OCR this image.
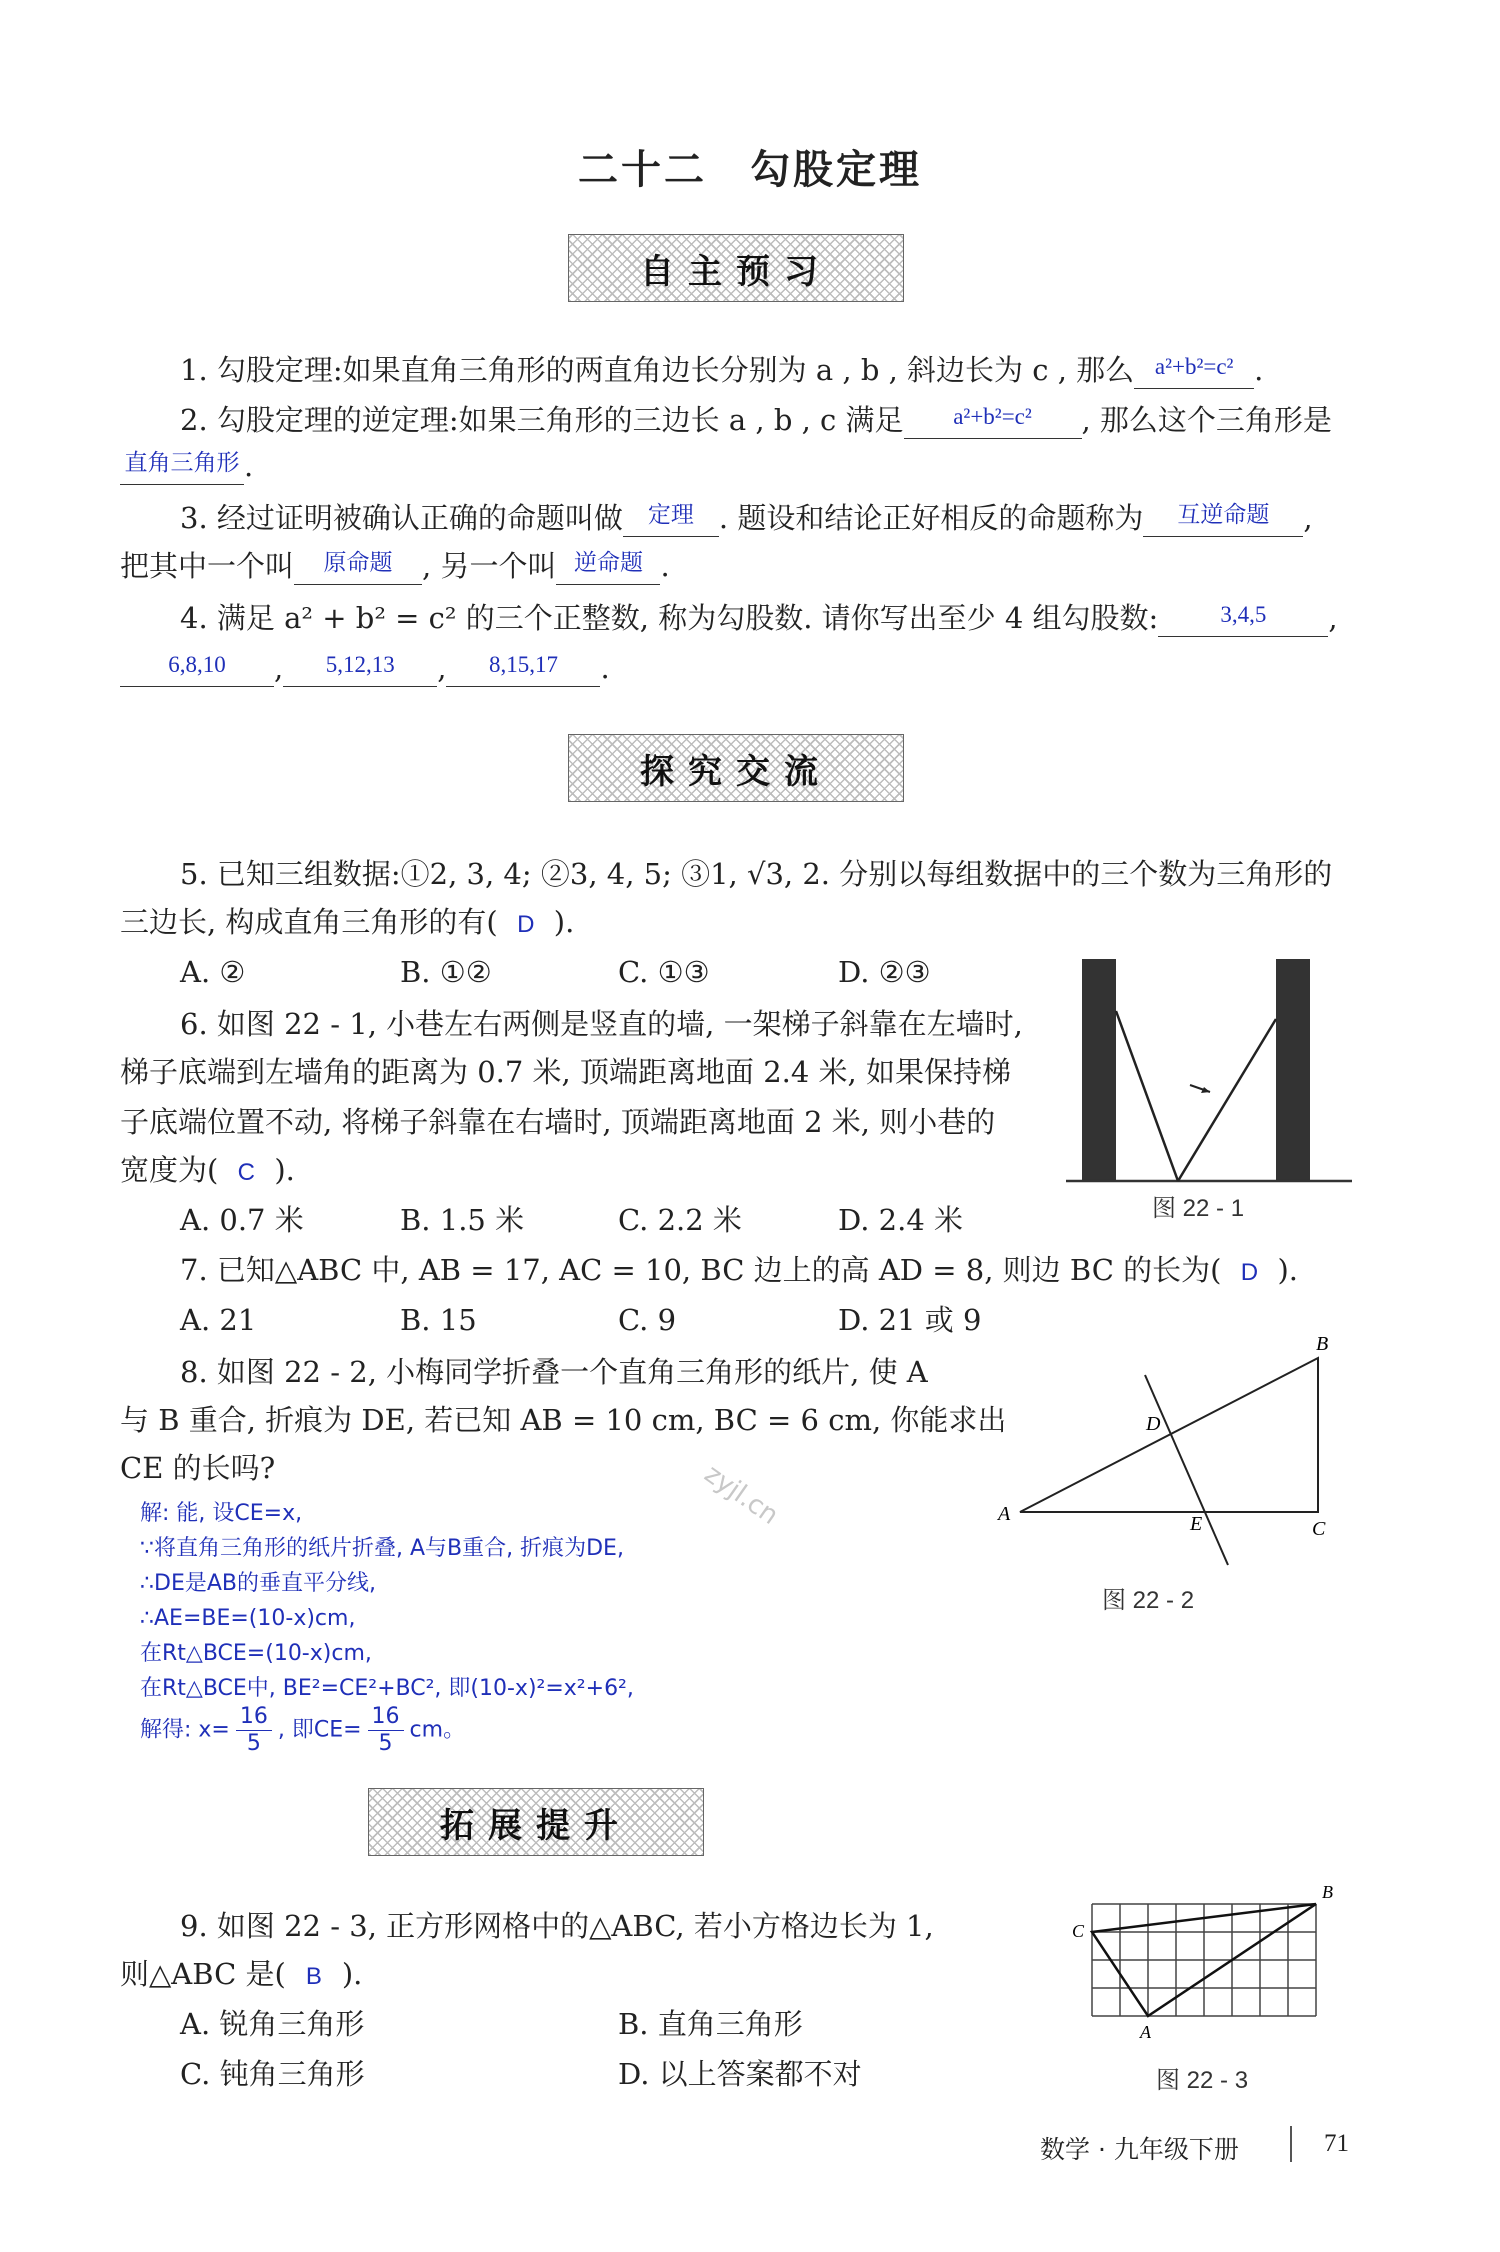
二十二　勾股定理
自主预习
1. 勾股定理:如果直角三角形的两直角边长分别为 a , b , 斜边长为 c , 那么 $^{a^2+b^2=c^2}$ .
2. 勾股定理的逆定理:如果三角形的三边长 a , b , c 满足 $^{a^2+b^2=c^2}$ , 那么这个三角形是
$^{直角三角形}$ .
3. 经过证明被确认正确的命题叫做 $^{定理}$ . 题设和结论正好相反的命题称为 $^{互逆命题}$ ,
把其中一个叫 $^{原命题}$ , 另一个叫 $^{逆命题}$ .
4. 满足 a² + b² = c² 的三个正整数, 称为勾股数. 请你写出至少 4 组勾股数:	$^{3,4,5}$ ,
$^{6,8,10}$ , $^{5,12,13}$ , $^{8,15,17}$ .
探究交流
5. 已知三组数据:①2, 3, 4; ②3, 4, 5; ③1, √3, 2. 分别以每组数据中的三个数为三角形的
三边长, 构成直角三角形的有( D ).
A. ②	B. ①②	C. ①③	D. ②③
6. 如图 22 - 1, 小巷左右两侧是竖直的墙, 一架梯子斜靠在左墙时,
梯子底端到左墙角的距离为 0.7 米, 顶端距离地面 2.4 米, 如果保持梯
子底端位置不动, 将梯子斜靠在右墙时, 顶端距离地面 2 米, 则小巷的
宽度为( C ).
A. 0.7 米	B. 1.5 米	C. 2.2 米	D. 2.4 米	图 22 - 1
7. 已知△ABC 中, AB = 17, AC = 10, BC 边上的高 AD = 8, 则边 BC 的长为( D ).
A. 21	B. 15	C. 9	D. 21 或 9
8. 如图 22 - 2, 小梅同学折叠一个直角三角形的纸片, 使 A
与 B 重合, 折痕为 DE, 若已知 AB = 10 cm, BC = 6 cm, 你能求出
CE 的长吗?
解: 能, 设CE=x,
∵将直角三角形的纸片折叠, A与B重合, 折痕为DE,
∴DE是AB的垂直平分线,
∴AE=BE=(10-x)cm,
在Rt△BCE=(10-x)cm,
在Rt△BCE中, BE²=CE²+BC², 即(10-x)²=x²+6²,
解得: $x= \frac{16}{5}$ , 即$CE= \frac{16}{5}$ cm。
zyjl.cn	A
B
C
D
E
图 22 - 2
拓展提升
9. 如图 22 - 3, 正方形网格中的△ABC, 若小方格边长为 1,
则△ABC 是( B ).
A. 锐角三角形	B. 直角三角形
C. 钝角三角形	D. 以上答案都不对
C
B
A
图 22 - 3
数学 · 九年级下册	71
